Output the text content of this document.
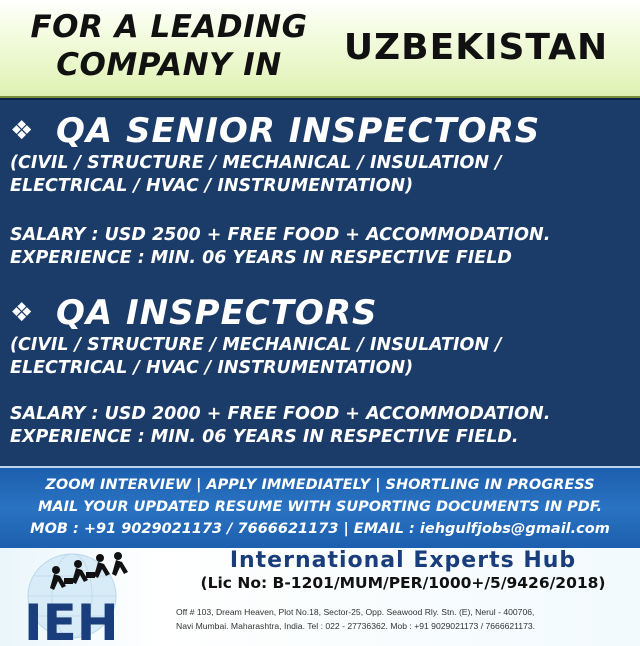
FOR A LEADING
COMPANY IN	UZBEKISTAN
❖ QA SENIOR INSPECTORS
(CIVIL / STRUCTURE / MECHANICAL / INSULATION /
ELECTRICAL / HVAC / INSTRUMENTATION)
SALARY : USD 2500 + FREE FOOD + ACCOMMODATION.
EXPERIENCE : MIN. 06 YEARS IN RESPECTIVE FIELD
❖ QA INSPECTORS
(CIVIL / STRUCTURE / MECHANICAL / INSULATION /
ELECTRICAL / HVAC / INSTRUMENTATION)
SALARY : USD 2000 + FREE FOOD + ACCOMMODATION.
EXPERIENCE : MIN. 06 YEARS IN RESPECTIVE FIELD.
ZOOM INTERVIEW | APPLY IMMEDIATELY | SHORTLING IN PROGRESS
MAIL YOUR UPDATED RESUME WITH SUPORTING DOCUMENTS IN PDF.
MOB : +91 9029021173 / 7666621173 | EMAIL : iehgulfjobs@gmail.com
IEH
International Experts Hub
(Lic No: B-1201/MUM/PER/1000+/5/9426/2018)
Off # 103, Dream Heaven, Plot No.18, Sector-25, Opp. Seawood Rly. Stn. (E), Nerul - 400706,
Navi Mumbai. Maharashtra, India. Tel : 022 - 27736362. Mob : +91 9029021173 / 7666621173.
